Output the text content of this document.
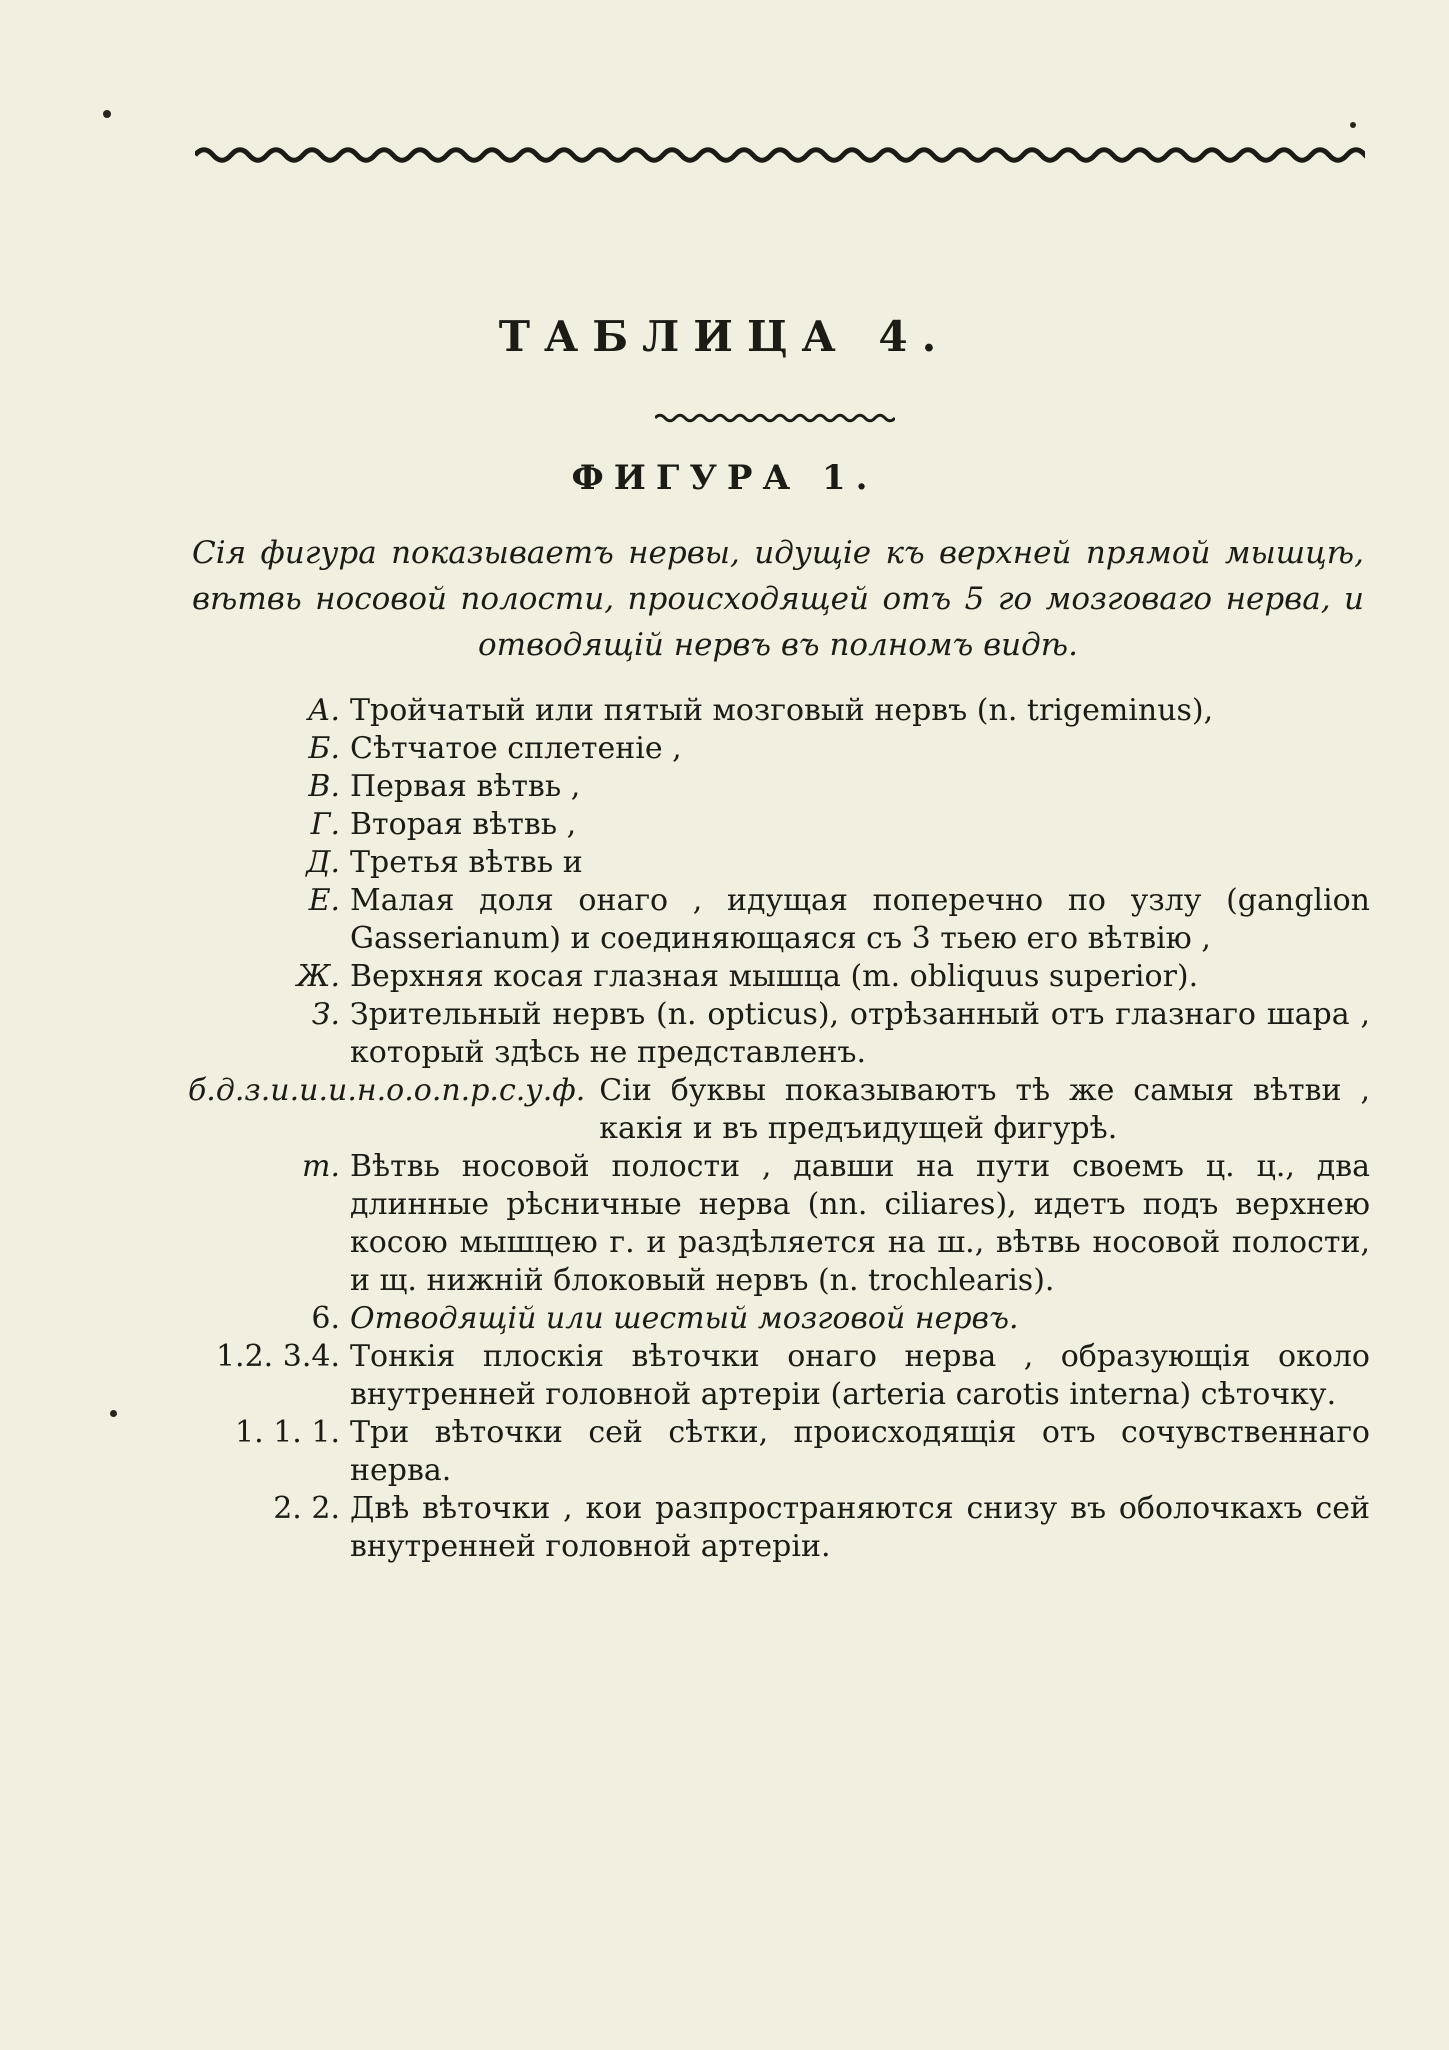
ТАБЛИЦА 4.
ФИГУРА 1.
Сія фигура показываетъ нервы, идущіе къ верхней прямой мышцѣ, вѣтвь носовой полости, происходящей отъ 5 го мозговаго нерва, и отводящій нервъ въ полномъ видѣ.
А. Тройчатый или пятый мозговый нервъ (n. trigeminus),
Б. Сѣтчатое сплетеніе ,
В. Первая вѣтвь ,
Г. Вторая вѣтвь ,
Д. Третья вѣтвь и
Е. Малая доля онаго , идущая поперечно по узлу (ganglion Gasserianum) и соединяющаяся съ 3 тьею его вѣтвію ,
Ж. Верхняя косая глазная мышца (m. obliquus superior).
З. Зрительный нервъ (n. opticus), отрѣзанный отъ глазнаго шара , который здѣсь не представленъ.
б.д.з.и.и.и.н.о.о.п.р.с.у.ф. Сіи буквы показываютъ тѣ же самыя вѣтви , какія и въ предъидущей фигурѣ.
т. Вѣтвь носовой полости , давши на пути своемъ ц. ц., два длинные рѣсничные нерва (nn. ciliares), идетъ подъ верхнею косою мышцею г. и раздѣляется на ш., вѣтвь носовой полости, и щ. нижній блоковый нервъ (n. trochlearis).
6. Отводящій или шестый мозговой нервъ.
1.2. 3.4. Тонкія плоскія вѣточки онаго нерва , образующія около внутренней головной артеріи (arteria carotis interna) сѣточку.
1. 1. 1. Три вѣточки сей сѣтки, происходящія отъ сочувственнаго нерва.
2. 2. Двѣ вѣточки , кои разпространяются снизу въ оболочкахъ сей внутренней головной артеріи.
